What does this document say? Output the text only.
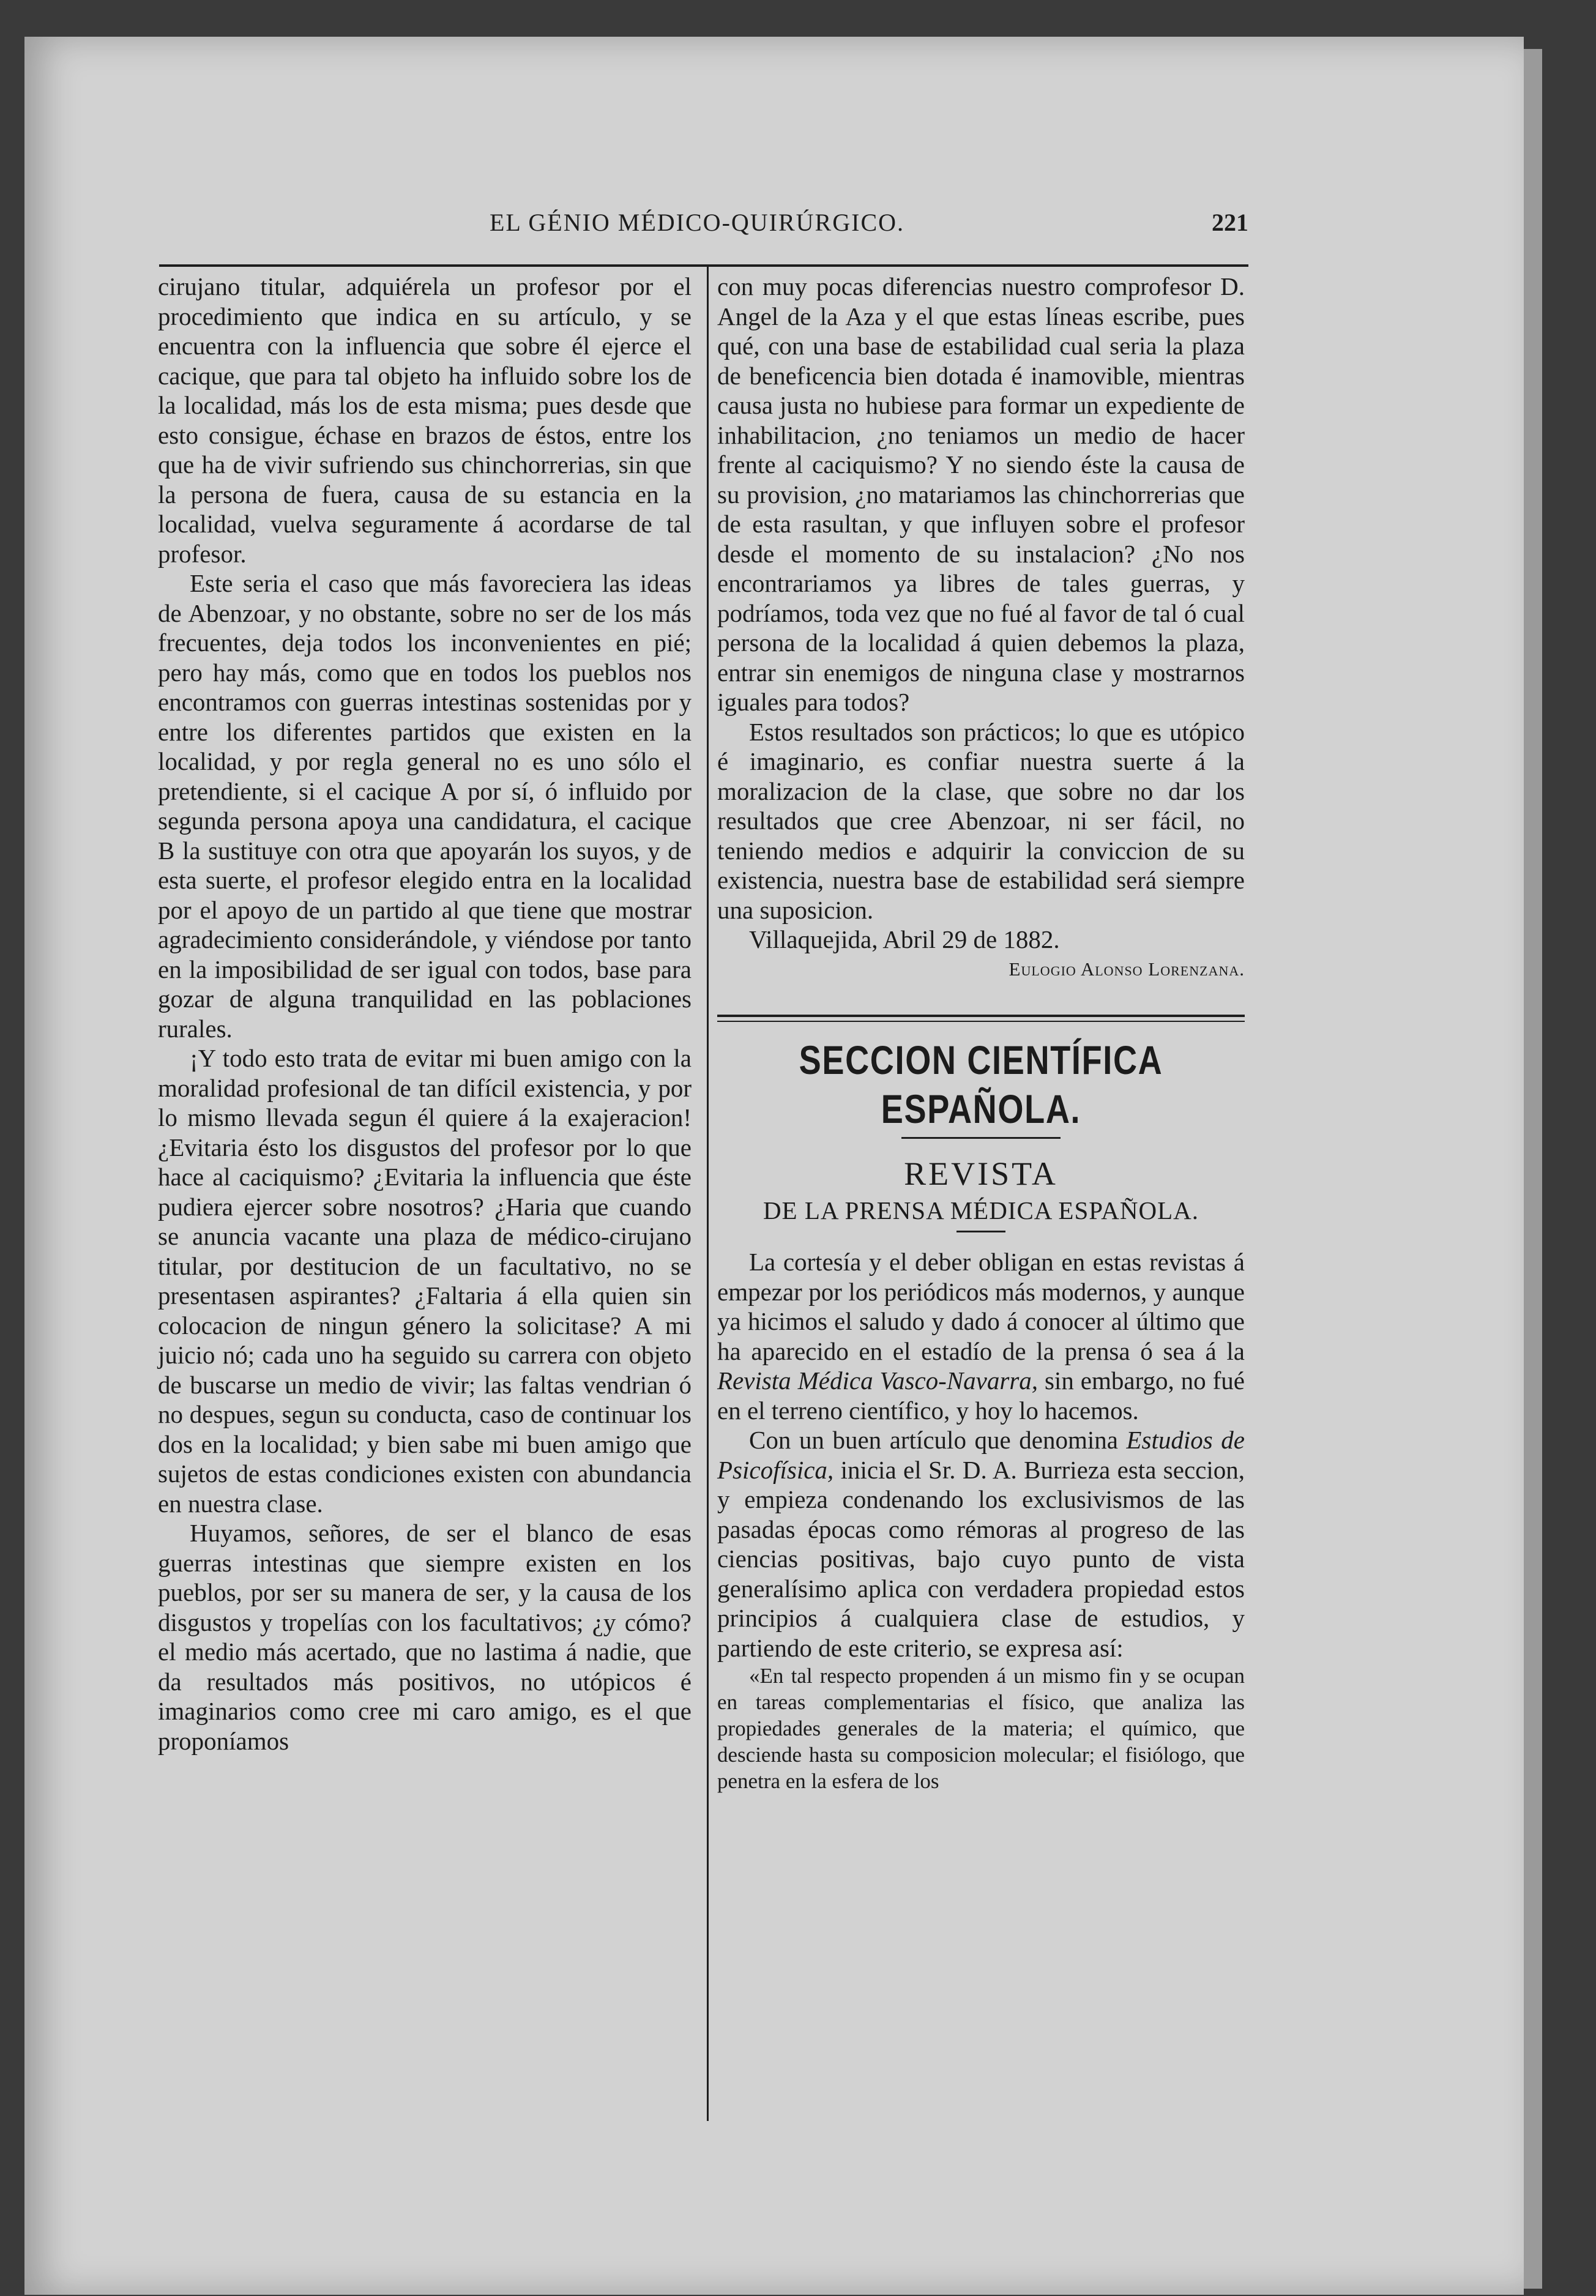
EL GÉNIO MÉDICO-QUIRÚRGICO.	221

cirujano titular, adquiérela un profesor por el procedimiento que indica en su artículo, y se encuentra con la influencia que sobre él ejerce el cacique, que para tal objeto ha influido sobre los de la localidad, más los de esta misma; pues desde que esto consigue, échase en brazos de éstos, entre los que ha de vivir sufriendo sus chinchorrerias, sin que la persona de fuera, causa de su estancia en la localidad, vuelva seguramente á acordarse de tal profesor.

Este seria el caso que más favoreciera las ideas de Abenzoar, y no obstante, sobre no ser de los más frecuentes, deja todos los inconvenientes en pié; pero hay más, como que en todos los pueblos nos encontramos con guerras intestinas sostenidas por y entre los diferentes partidos que existen en la localidad, y por regla general no es uno sólo el pretendiente, si el cacique A por sí, ó influido por segunda persona apoya una candidatura, el cacique B la sustituye con otra que apoyarán los suyos, y de esta suerte, el profesor elegido entra en la localidad por el apoyo de un partido al que tiene que mostrar agradecimiento considerándole, y viéndose por tanto en la imposibilidad de ser igual con todos, base para gozar de alguna tranquilidad en las poblaciones rurales.

¡Y todo esto trata de evitar mi buen amigo con la moralidad profesional de tan difícil existencia, y por lo mismo llevada segun él quiere á la exajeracion! ¿Evitaria ésto los disgustos del profesor por lo que hace al caciquismo? ¿Evitaria la influencia que éste pudiera ejercer sobre nosotros? ¿Haria que cuando se anuncia vacante una plaza de médico-cirujano titular, por destitucion de un facultativo, no se presentasen aspirantes? ¿Faltaria á ella quien sin colocacion de ningun género la solicitase? A mi juicio nó; cada uno ha seguido su carrera con objeto de buscarse un medio de vivir; las faltas vendrian ó no despues, segun su conducta, caso de continuar los dos en la localidad; y bien sabe mi buen amigo que sujetos de estas condiciones existen con abundancia en nuestra clase.

Huyamos, señores, de ser el blanco de esas guerras intestinas que siempre existen en los pueblos, por ser su manera de ser, y la causa de los disgustos y tropelías con los facultativos; ¿y cómo? el medio más acertado, que no lastima á nadie, que da resultados más positivos, no utópicos é imaginarios como cree mi caro amigo, es el que proponíamos

con muy pocas diferencias nuestro comprofesor D. Angel de la Aza y el que estas líneas escribe, pues qué, con una base de estabilidad cual seria la plaza de beneficencia bien dotada é inamovible, mientras causa justa no hubiese para formar un expediente de inhabilitacion, ¿no teniamos un medio de hacer frente al caciquismo? Y no siendo éste la causa de su provision, ¿no matariamos las chinchorrerias que de esta rasultan, y que influyen sobre el profesor desde el momento de su instalacion? ¿No nos encontrariamos ya libres de tales guerras, y podríamos, toda vez que no fué al favor de tal ó cual persona de la localidad á quien debemos la plaza, entrar sin enemigos de ninguna clase y mostrarnos iguales para todos?

Estos resultados son prácticos; lo que es utópico é imaginario, es confiar nuestra suerte á la moralizacion de la clase, que sobre no dar los resultados que cree Abenzoar, ni ser fácil, no teniendo medios e adquirir la conviccion de su existencia, nuestra base de estabilidad será siempre una suposicion.

Villaquejida, Abril 29 de 1882.

Eulogio Alonso Lorenzana.

SECCION CIENTÍFICA ESPAÑOLA.
REVISTA
DE LA PRENSA MÉDICA ESPAÑOLA.

La cortesía y el deber obligan en estas revistas á empezar por los periódicos más modernos, y aunque ya hicimos el saludo y dado á conocer al último que ha aparecido en el estadío de la prensa ó sea á la Revista Médica Vasco-Navarra, sin embargo, no fué en el terreno científico, y hoy lo hacemos.

Con un buen artículo que denomina Estudios de Psicofísica, inicia el Sr. D. A. Burrieza esta seccion, y empieza condenando los exclusivismos de las pasadas épocas como rémoras al progreso de las ciencias positivas, bajo cuyo punto de vista generalísimo aplica con verdadera propiedad estos principios á cualquiera clase de estudios, y partiendo de este criterio, se expresa así:

«En tal respecto propenden á un mismo fin y se ocupan en tareas complementarias el físico, que analiza las propiedades generales de la materia; el químico, que desciende hasta su composicion molecular; el fisiólogo, que penetra en la esfera de los
